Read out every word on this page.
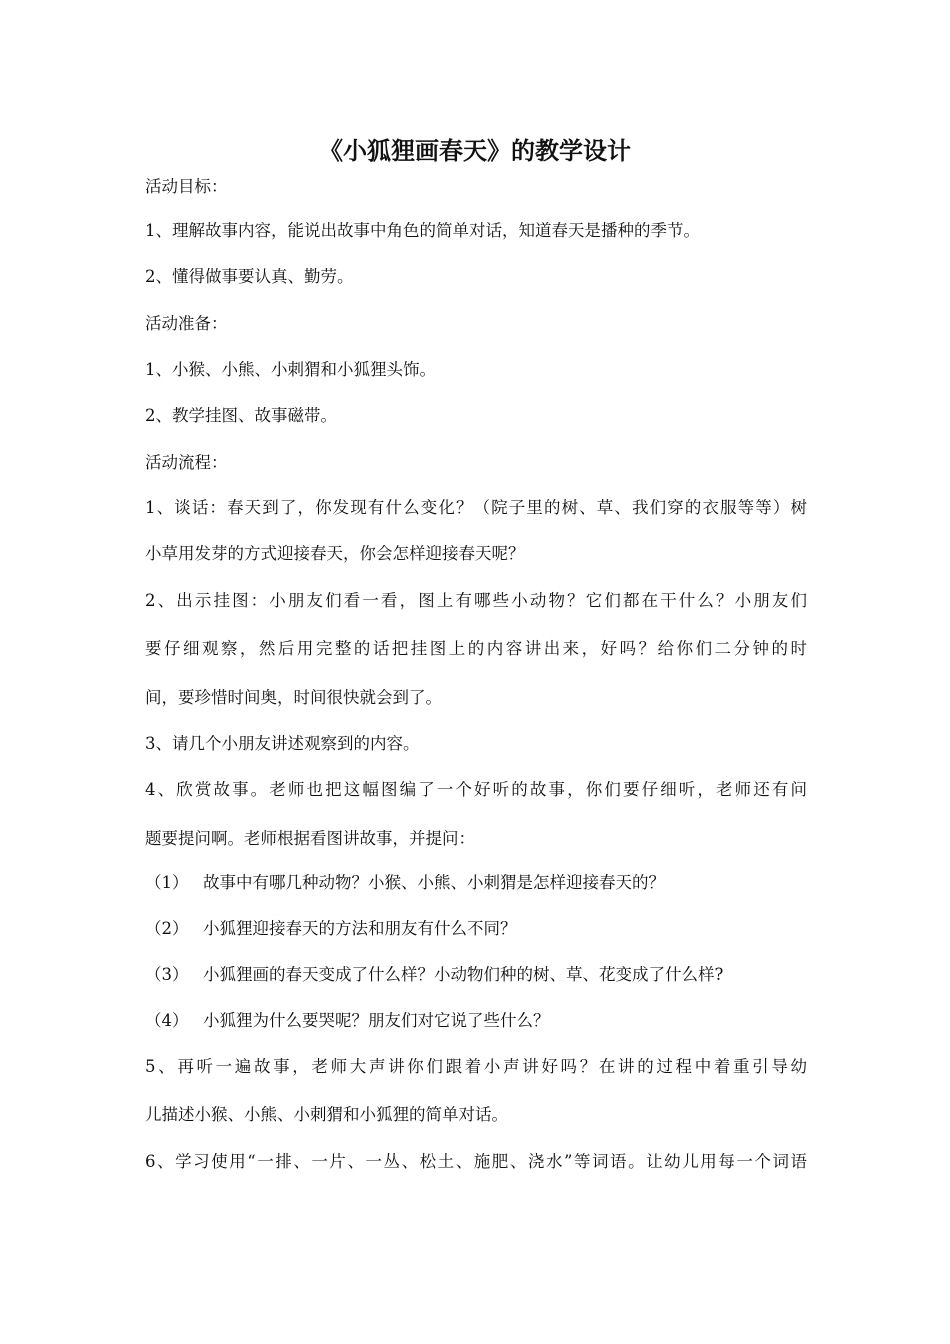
《小狐狸画春天》的教学设计
活动目标：
1、理解故事内容，能说出故事中角色的简单对话，知道春天是播种的季节。
2、懂得做事要认真、勤劳。
活动准备：
1、小猴、小熊、小刺猬和小狐狸头饰。
2、教学挂图、故事磁带。
活动流程：
1、谈话：春天到了，你发现有什么变化？（院子里的树、草、我们穿的衣服等等）树
小草用发芽的方式迎接春天，你会怎样迎接春天呢？
2、出示挂图：小朋友们看一看，图上有哪些小动物？它们都在干什么？小朋友们
要仔细观察，然后用完整的话把挂图上的内容讲出来，好吗？给你们二分钟的时
间，要珍惜时间奥，时间很快就会到了。
3、请几个小朋友讲述观察到的内容。
4、欣赏故事。老师也把这幅图编了一个好听的故事，你们要仔细听，老师还有问
题要提问啊。老师根据看图讲故事，并提问：
（1） 故事中有哪几种动物？小猴、小熊、小刺猬是怎样迎接春天的？
（2） 小狐狸迎接春天的方法和朋友有什么不同？
（3） 小狐狸画的春天变成了什么样？小动物们种的树、草、花变成了什么样?
（4） 小狐狸为什么要哭呢？朋友们对它说了些什么？
5、再听一遍故事，老师大声讲你们跟着小声讲好吗？在讲的过程中着重引导幼
儿描述小猴、小熊、小刺猬和小狐狸的简单对话。
6、学习使用“一排、一片、一丛、松土、施肥、浇水”等词语。让幼儿用每一个词语
